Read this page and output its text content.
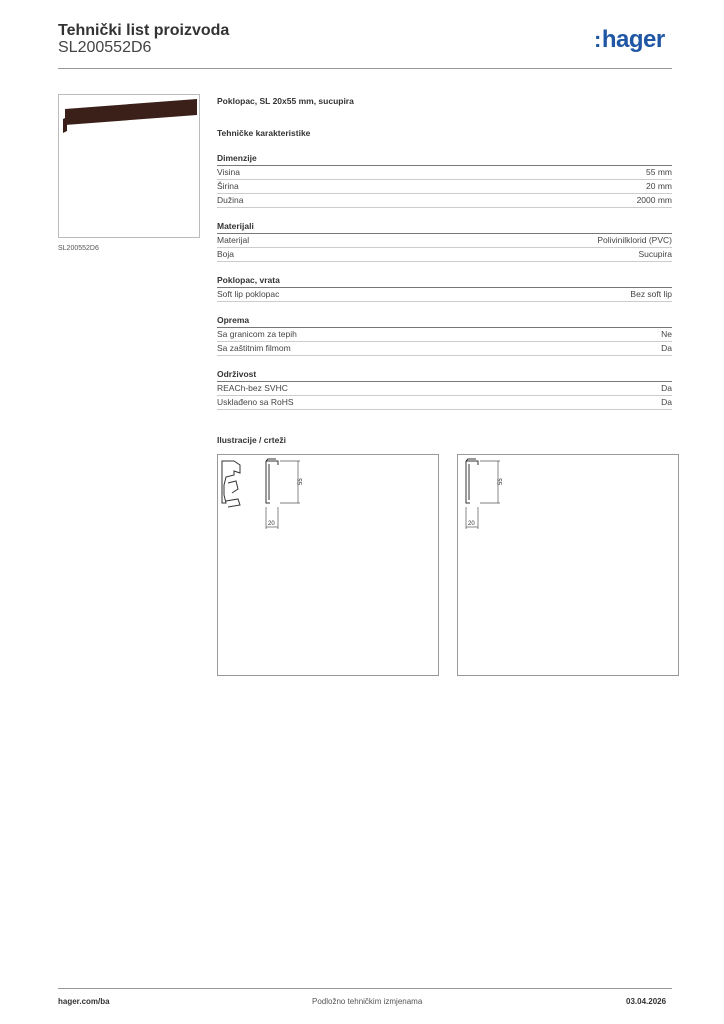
Tehnički list proizvoda
SL200552D6	:hager
SL200552D6
Poklopac, SL 20x55 mm, sucupira
Tehničke karakteristike
Dimenzije
Visina	55 mm
Širina	20 mm
Dužina	2000 mm
Materijali
Materijal	Polivinilklorid (PVC)
Boja	Sucupira
Poklopac, vrata
Soft lip poklopac	Bez soft lip
Oprema
Sa granicom za tepih	Ne
Sa zaštitnim filmom	Da
Održivost
REACh-bez SVHC	Da
Usklađeno sa RoHS	Da
Ilustracije / crteži
55
20
55
20
hager.com/ba	Podložno tehničkim izmjenama	03.04.2026
